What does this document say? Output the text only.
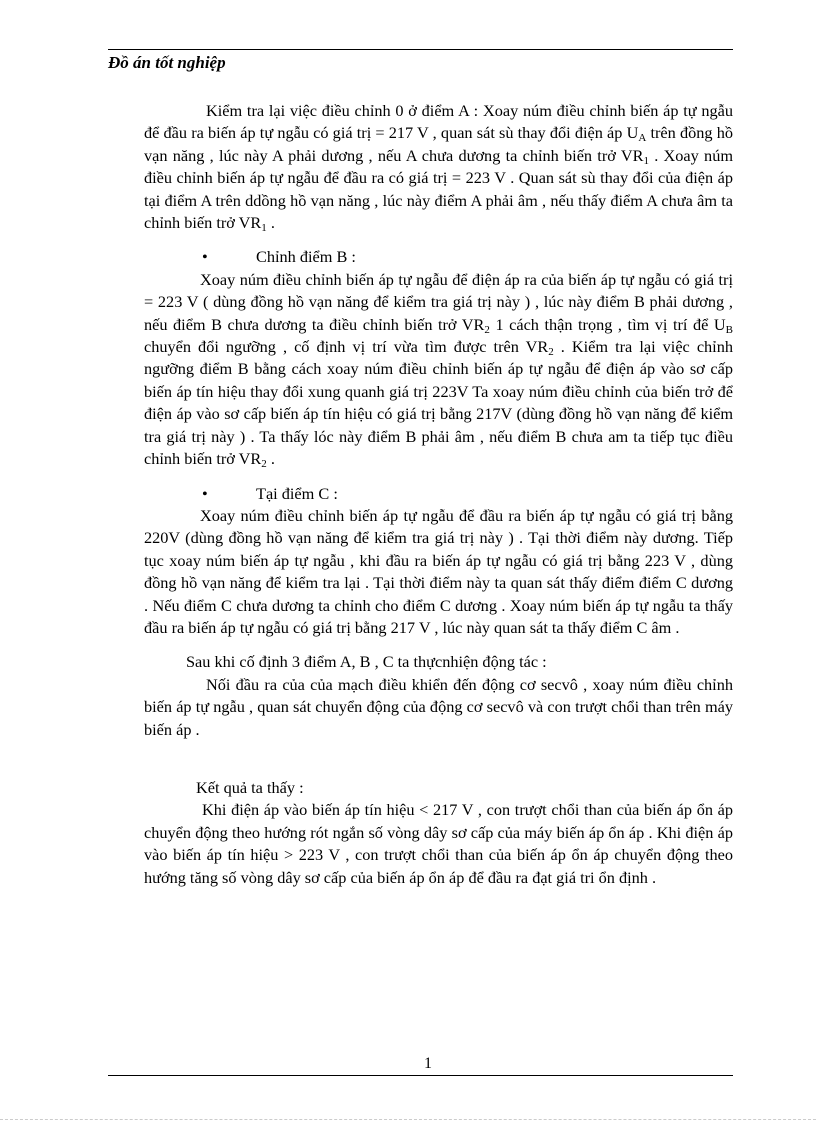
Đồ án tốt nghiệp

Kiểm tra lại việc điều chỉnh 0 ở điểm A : Xoay núm điều chỉnh biến áp tự ngẫu để đầu ra biến áp tự ngẫu có giá trị = 217 V , quan sát sù thay đổi điện áp $U_A$ trên đồng hồ vạn năng , lúc này A phải dương , nếu A chưa dương ta chỉnh biến trở $VR_1$ . Xoay núm điều chỉnh biến áp tự ngẫu để đầu ra có giá trị = 223 V . Quan sát sù thay đổi của điện áp tại điểm A trên ddồng hồ vạn năng , lúc này điểm A phải âm , nếu thấy điểm A chưa âm ta chỉnh biến trở $VR_1$ .

•	Chỉnh điểm B :

Xoay núm điều chỉnh biến áp tự ngẫu để điện áp ra của biến áp tự ngẫu có giá trị = 223 V ( dùng đồng hồ vạn năng để kiểm tra giá trị này ) , lúc này điểm B phải dương , nếu điểm B chưa dương ta điều chỉnh biến trở $VR_2$ 1 cách thận trọng , tìm vị trí để $U_B$ chuyển đổi ngưỡng , cố định vị trí vừa tìm được trên $VR_2$ . Kiểm tra lại việc chỉnh ngưỡng điểm B bằng cách xoay núm điều chỉnh biến áp tự ngẫu để điện áp vào sơ cấp biến áp tín hiệu thay đổi xung quanh giá trị 223V Ta xoay núm điều chỉnh của biến trở để điện áp vào sơ cấp biến áp tín hiệu có giá trị bằng 217V (dùng đồng hồ vạn năng để kiểm tra giá trị này ) . Ta thấy lóc này điểm B phải âm , nếu điểm B chưa am ta tiếp tục điều chỉnh biến trở $VR_2$ .

•	Tại điểm C :

Xoay núm điều chỉnh biến áp tự ngẫu để đầu ra biến áp tự ngẫu có giá trị bằng 220V (dùng đồng hồ vạn năng để kiểm tra giá trị này ) . Tại thời điểm này dương. Tiếp tục xoay núm biến áp tự ngẫu , khi đầu ra biến áp tự ngẫu có giá trị bằng 223 V , dùng đồng hồ vạn năng để kiểm tra lại . Tại thời điểm này ta quan sát thấy điểm điểm C dương . Nếu điểm C chưa dương ta chỉnh cho điểm C dương . Xoay núm biến áp tự ngẫu ta thấy đầu ra biến áp tự ngẫu có giá trị bằng 217 V , lúc này quan sát ta thấy điểm C âm .

Sau khi cố định 3 điểm A, B , C ta thựcnhiện động tác :

Nối đầu ra của của mạch điều khiển đến động cơ secvô , xoay núm điều chỉnh biến áp tự ngẫu , quan sát chuyển động của động cơ secvô và con trượt chổi than trên máy biến áp .

Kết quả ta thấy :

Khi điện áp vào biến áp tín hiệu < 217 V , con trượt chổi than của biến áp ổn áp chuyển động theo hướng rót ngắn số vòng dây sơ cấp của máy biến áp ổn áp . Khi điện áp vào biến áp tín hiệu > 223 V , con trượt chổi than của biến áp ổn áp chuyển động theo hướng tăng số vòng dây sơ cấp của biến áp ổn áp để đầu ra đạt giá tri ổn định .

1
